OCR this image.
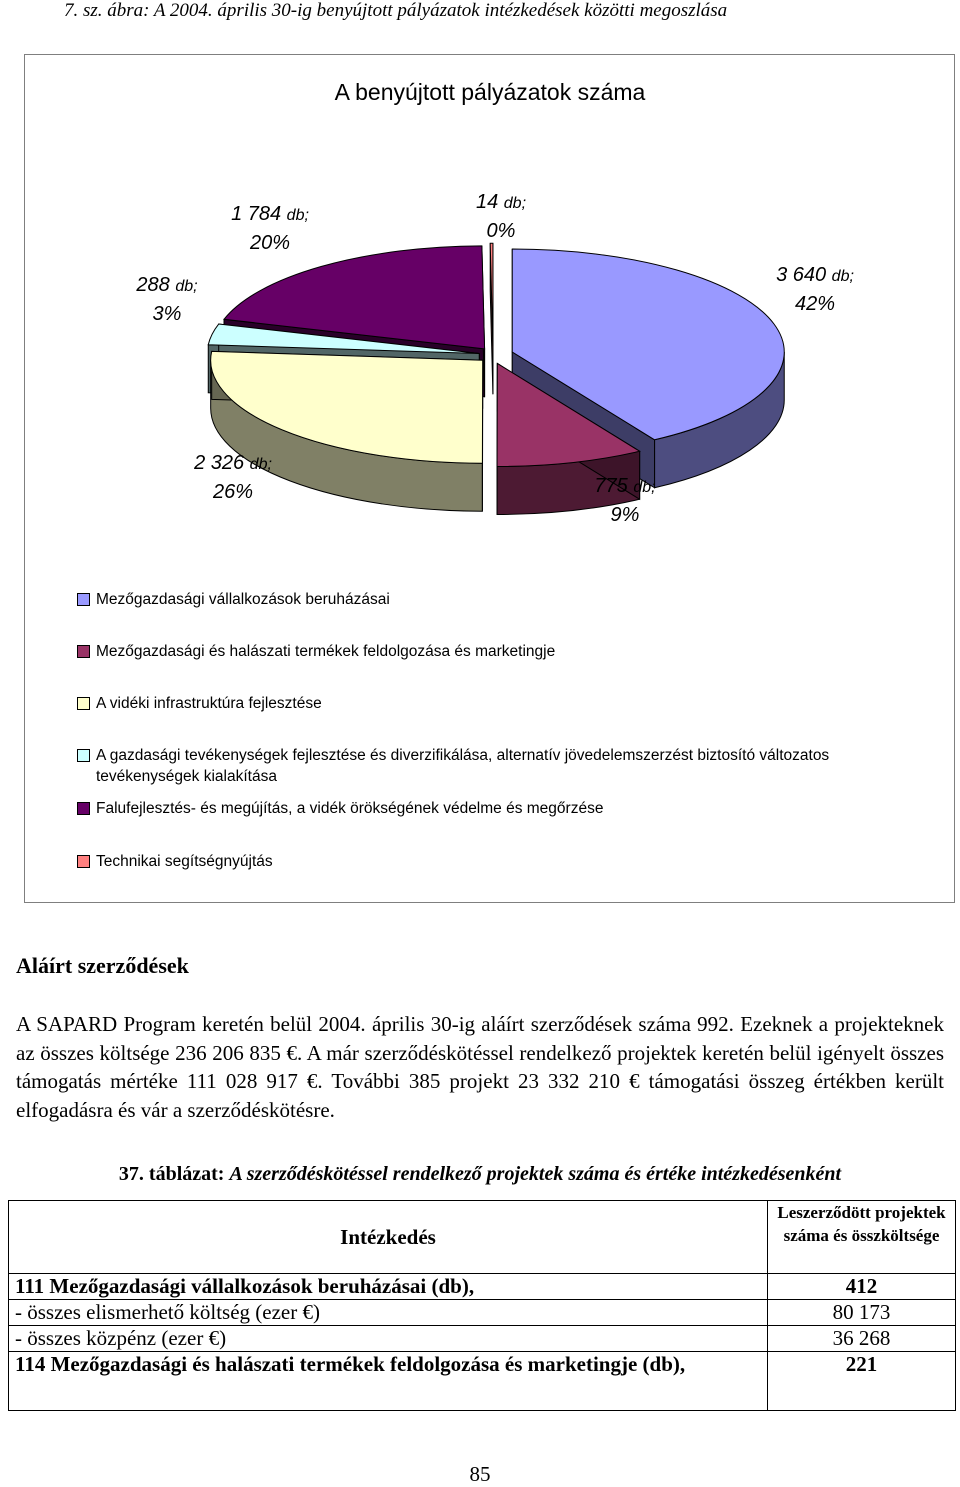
7. sz. ábra: A 2004. április 30-ig benyújtott pályázatok intézkedések közötti megoszlása
A benyújtott pályázatok száma
3 640 db;
42%
775 db;
9%
2 326 db;
26%
288 db;
3%
1 784 db;
20%
14 db;
0%
Mezőgazdasági vállalkozások beruházásai
Mezőgazdasági és halászati termékek feldolgozása és marketingje
A vidéki infrastruktúra fejlesztése
A gazdasági tevékenységek fejlesztése és diverzifikálása, alternatív jövedelemszerzést biztosító változatos tevékenységek kialakítása
Falufejlesztés- és megújítás, a vidék örökségének védelme és megőrzése
Technikai segítségnyújtás
Aláírt szerződések
A SAPARD Program keretén belül 2004. április 30-ig aláírt szerződések száma 992. Ezeknek a projekteknek az összes költsége 236 206 835 €. A már szerződéskötéssel rendelkező projektek keretén belül igényelt összes támogatás mértéke 111 028 917 €. További 385 projekt 23 332 210 € támogatási összeg értékben került elfogadásra és vár a szerződéskötésre.
37. táblázat: A szerződéskötéssel rendelkező projektek száma és értéke intézkedésenként
Intézkedés	Leszerződött projektek száma és összköltsége
111 Mezőgazdasági vállalkozások beruházásai (db),	412
- összes elismerhető költség (ezer €)	80 173
- összes közpénz (ezer €)	36 268
114 Mezőgazdasági és halászati termékek feldolgozása és marketingje (db),	221
85
